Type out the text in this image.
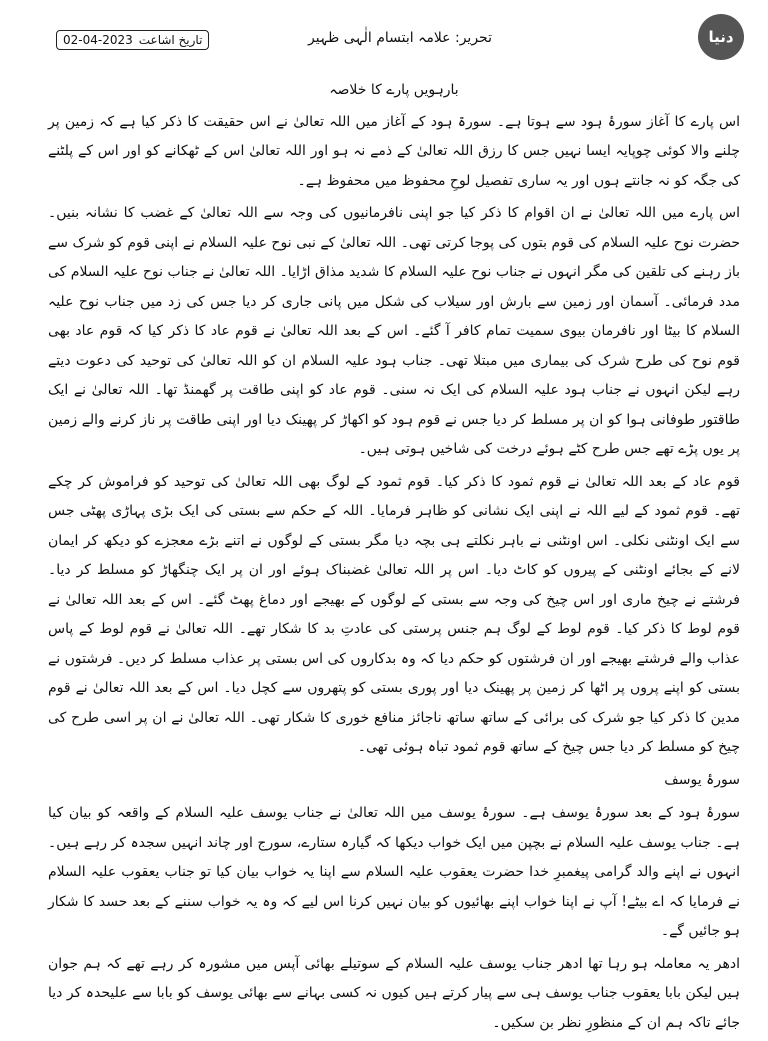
دنیا
تحریر: علامہ ابتسام الٰہی ظہیر
02-04-2023 تاریخ اشاعت
بارہویں پارے کا خلاصہ

اس پارے کا آغاز سورۂ ہود سے ہوتا ہے۔ سورۃ ہود کے آغاز میں اللہ تعالیٰ نے اس حقیقت کا ذکر کیا ہے کہ زمین پر چلنے والا کوئی چوپایہ ایسا نہیں جس کا رزق اللہ تعالیٰ کے ذمے نہ ہو اور اللہ تعالیٰ اس کے ٹھکانے کو اور اس کے پلٹنے کی جگہ کو نہ جانتے ہوں اور یہ ساری تفصیل لوحِ محفوظ میں محفوظ ہے۔

اس پارے میں اللہ تعالیٰ نے ان اقوام کا ذکر کیا جو اپنی نافرمانیوں کی وجہ سے اللہ تعالیٰ کے غضب کا نشانہ بنیں۔ حضرت نوح علیہ السلام کی قوم بتوں کی پوجا کرتی تھی۔ اللہ تعالیٰ کے نبی نوح علیہ السلام نے اپنی قوم کو شرک سے باز رہنے کی تلقین کی مگر انہوں نے جناب نوح علیہ السلام کا شدید مذاق اڑایا۔ اللہ تعالیٰ نے جناب نوح علیہ السلام کی مدد فرمائی۔ آسمان اور زمین سے بارش اور سیلاب کی شکل میں پانی جاری کر دیا جس کی زد میں جناب نوح علیہ السلام کا بیٹا اور نافرمان بیوی سمیت تمام کافر آ گئے۔ اس کے بعد اللہ تعالیٰ نے قوم عاد کا ذکر کیا کہ قوم عاد بھی قوم نوح کی طرح شرک کی بیماری میں مبتلا تھی۔ جناب ہود علیہ السلام ان کو اللہ تعالیٰ کی توحید کی دعوت دیتے رہے لیکن انہوں نے جناب ہود علیہ السلام کی ایک نہ سنی۔ قوم عاد کو اپنی طاقت پر گھمنڈ تھا۔ اللہ تعالیٰ نے ایک طاقتور طوفانی ہوا کو ان پر مسلط کر دیا جس نے قوم ہود کو اکھاڑ کر پھینک دیا اور اپنی طاقت پر ناز کرنے والے زمین پر یوں پڑے تھے جس طرح کٹے ہوئے درخت کی شاخیں ہوتی ہیں۔

قوم عاد کے بعد اللہ تعالیٰ نے قوم ثمود کا ذکر کیا۔ قوم ثمود کے لوگ بھی اللہ تعالیٰ کی توحید کو فراموش کر چکے تھے۔ قوم ثمود کے لیے اللہ نے اپنی ایک نشانی کو ظاہر فرمایا۔ اللہ کے حکم سے بستی کی ایک بڑی پہاڑی پھٹی جس سے ایک اونٹنی نکلی۔ اس اونٹنی نے باہر نکلتے ہی بچہ دیا مگر بستی کے لوگوں نے اتنے بڑے معجزے کو دیکھ کر ایمان لانے کے بجائے اونٹنی کے پیروں کو کاٹ دیا۔ اس پر اللہ تعالیٰ غضبناک ہوئے اور ان پر ایک چنگھاڑ کو مسلط کر دیا۔ فرشتے نے چیخ ماری اور اس چیخ کی وجہ سے بستی کے لوگوں کے بھیجے اور دماغ پھٹ گئے۔ اس کے بعد اللہ تعالیٰ نے قوم لوط کا ذکر کیا۔ قوم لوط کے لوگ ہم جنس پرستی کی عادتِ بد کا شکار تھے۔ اللہ تعالیٰ نے قوم لوط کے پاس عذاب والے فرشتے بھیجے اور ان فرشتوں کو حکم دیا کہ وہ بدکاروں کی اس بستی پر عذاب مسلط کر دیں۔ فرشتوں نے بستی کو اپنے پروں پر اٹھا کر زمین پر پھینک دیا اور پوری بستی کو پتھروں سے کچل دیا۔ اس کے بعد اللہ تعالیٰ نے قوم مدین کا ذکر کیا جو شرک کی برائی کے ساتھ ساتھ ناجائز منافع خوری کا شکار تھی۔ اللہ تعالیٰ نے ان پر اسی طرح کی چیخ کو مسلط کر دیا جس چیخ کے ساتھ قوم ثمود تباہ ہوئی تھی۔

سورۂ یوسف

سورۂ ہود کے بعد سورۂ یوسف ہے۔ سورۂ یوسف میں اللہ تعالیٰ نے جناب یوسف علیہ السلام کے واقعہ کو بیان کیا ہے۔ جناب یوسف علیہ السلام نے بچپن میں ایک خواب دیکھا کہ گیارہ ستارے، سورج اور چاند انہیں سجدہ کر رہے ہیں۔ انہوں نے اپنے والد گرامی پیغمبرِ خدا حضرت یعقوب علیہ السلام سے اپنا یہ خواب بیان کیا تو جناب یعقوب علیہ السلام نے فرمایا کہ اے بیٹے! آپ نے اپنا خواب اپنے بھائیوں کو بیان نہیں کرنا اس لیے کہ وہ یہ خواب سننے کے بعد حسد کا شکار ہو جائیں گے۔

ادھر یہ معاملہ ہو رہا تھا ادھر جناب یوسف علیہ السلام کے سوتیلے بھائی آپس میں مشورہ کر رہے تھے کہ ہم جوان ہیں لیکن بابا یعقوب جناب یوسف ہی سے پیار کرتے ہیں کیوں نہ کسی بہانے سے بھائی یوسف کو بابا سے علیحدہ کر دیا جائے تاکہ ہم ان کے منظورِ نظر بن سکیں۔
